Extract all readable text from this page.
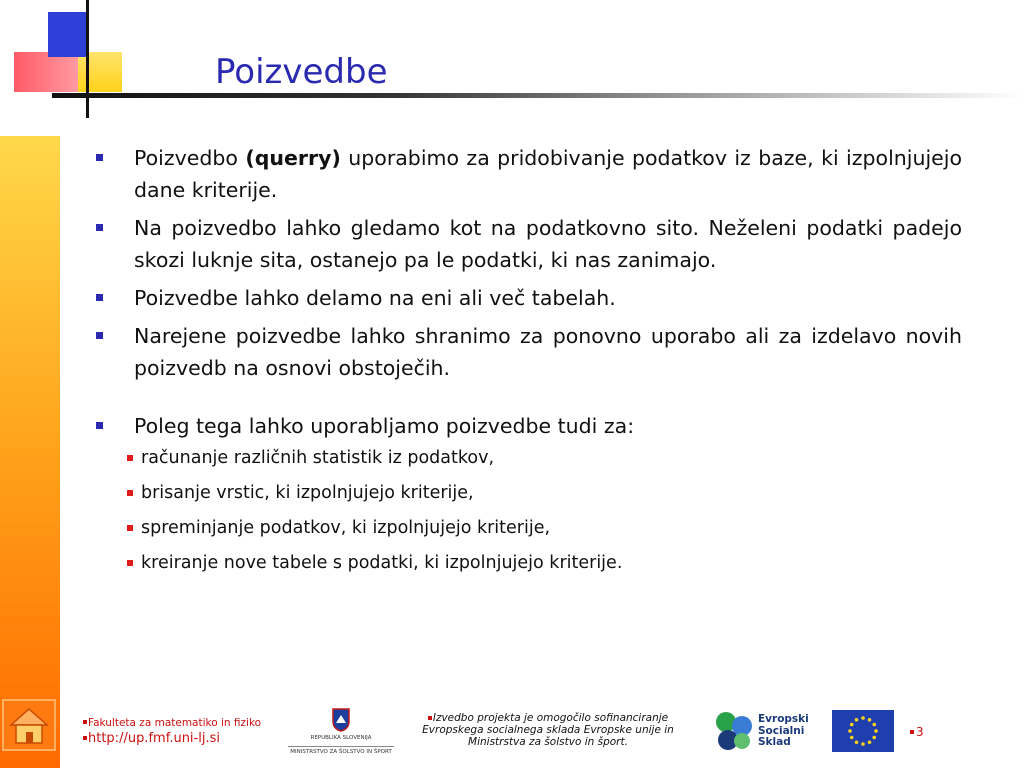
Poizvedbe
Poizvedbo (querry) uporabimo za pridobivanje podatkov iz baze, ki izpolnjujejo dane kriterije.
Na poizvedbo lahko gledamo kot na podatkovno sito. Neželeni podatki padejo skozi luknje sita, ostanejo pa le podatki, ki nas zanimajo.
Poizvedbe lahko delamo na eni ali več tabelah.
Narejene poizvedbe lahko shranimo za ponovno uporabo ali za izdelavo novih poizvedb na osnovi obstoječih.
Poleg tega lahko uporabljamo poizvedbe tudi za:
računanje različnih statistik iz podatkov,
brisanje vrstic, ki izpolnjujejo kriterije,
spreminjanje podatkov, ki izpolnjujejo kriterije,
kreiranje nove tabele s podatki, ki izpolnjujejo kriterije.
Fakulteta za matematiko in fiziko
http://up.fmf.uni-lj.si	REPUBLIKA SLOVENIJA
MINISTRSTVO ZA ŠOLSTVO IN ŠPORT
Izvedbo projekta je omogočilo sofinanciranje Evropskega socialnega sklada Evropske unije in Ministrstva za šolstvo in šport.
Evropski
Socialni
Sklad
3
